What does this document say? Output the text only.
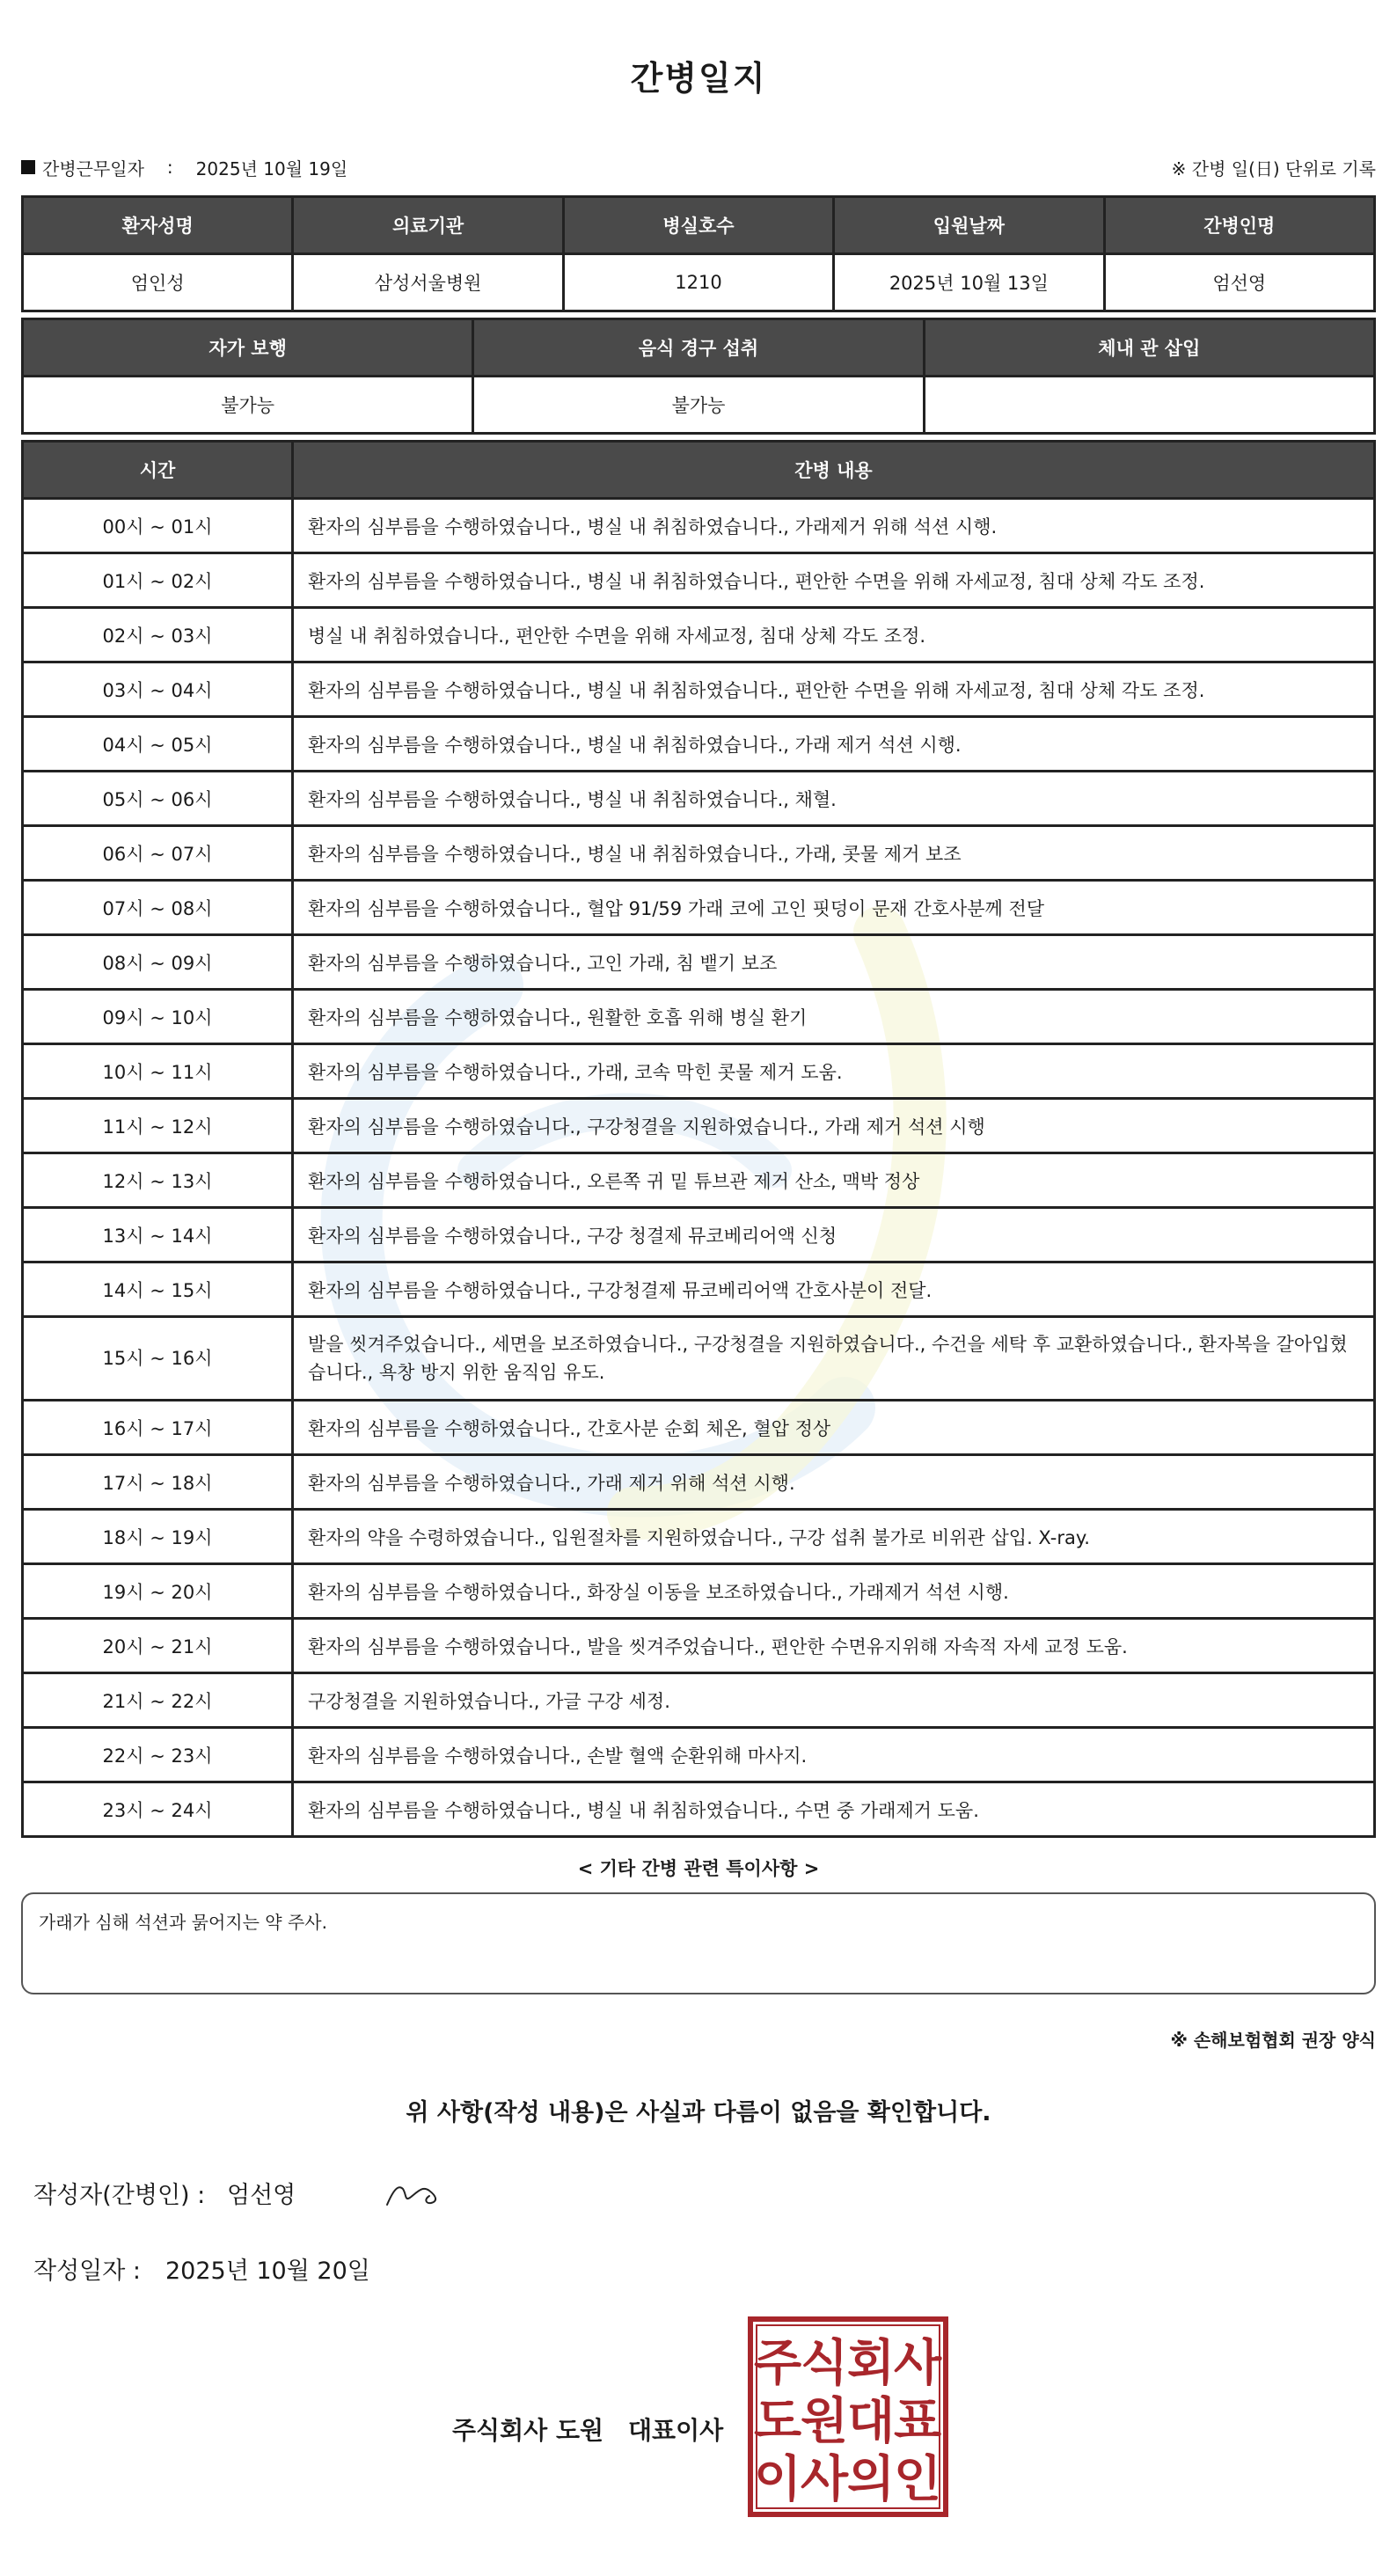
간병일지
간병근무일자 : 2025년 10월 19일	※ 간병 일(日) 단위로 기록
환자성명	의료기관	병실호수	입원날짜	간병인명
엄인성	삼성서울병원	1210	2025년 10월 13일	엄선영
자가 보행	음식 경구 섭취	체내 관 삽입
불가능	불가능	
시간	간병 내용
00시 ~ 01시	환자의 심부름을 수행하였습니다., 병실 내 취침하였습니다., 가래제거 위해 석션 시행.
01시 ~ 02시	환자의 심부름을 수행하였습니다., 병실 내 취침하였습니다., 편안한 수면을 위해 자세교정, 침대 상체 각도 조정.
02시 ~ 03시	병실 내 취침하였습니다., 편안한 수면을 위해 자세교정, 침대 상체 각도 조정.
03시 ~ 04시	환자의 심부름을 수행하였습니다., 병실 내 취침하였습니다., 편안한 수면을 위해 자세교정, 침대 상체 각도 조정.
04시 ~ 05시	환자의 심부름을 수행하였습니다., 병실 내 취침하였습니다., 가래 제거 석션 시행.
05시 ~ 06시	환자의 심부름을 수행하였습니다., 병실 내 취침하였습니다., 채혈.
06시 ~ 07시	환자의 심부름을 수행하였습니다., 병실 내 취침하였습니다., 가래, 콧물 제거 보조
07시 ~ 08시	환자의 심부름을 수행하였습니다., 혈압 91/59 가래 코에 고인 핏덩이 문재 간호사분께 전달
08시 ~ 09시	환자의 심부름을 수행하였습니다., 고인 가래, 침 뱉기 보조
09시 ~ 10시	환자의 심부름을 수행하였습니다., 원활한 호흡 위해 병실 환기
10시 ~ 11시	환자의 심부름을 수행하였습니다., 가래, 코속 막힌 콧물 제거 도움.
11시 ~ 12시	환자의 심부름을 수행하였습니다., 구강청결을 지원하였습니다., 가래 제거 석션 시행
12시 ~ 13시	환자의 심부름을 수행하였습니다., 오른쪽 귀 밑 튜브관 제거 산소, 맥박 정상
13시 ~ 14시	환자의 심부름을 수행하였습니다., 구강 청결제 뮤코베리어액 신청
14시 ~ 15시	환자의 심부름을 수행하였습니다., 구강청결제 뮤코베리어액 간호사분이 전달.
15시 ~ 16시	발을 씻겨주었습니다., 세면을 보조하였습니다., 구강청결을 지원하였습니다., 수건을 세탁 후 교환하였습니다., 환자복을 갈아입혔습니다., 욕창 방지 위한 움직임 유도.
16시 ~ 17시	환자의 심부름을 수행하였습니다., 간호사분 순회 체온, 혈압 정상
17시 ~ 18시	환자의 심부름을 수행하였습니다., 가래 제거 위해 석션 시행.
18시 ~ 19시	환자의 약을 수령하였습니다., 입원절차를 지원하였습니다., 구강 섭취 불가로 비위관 삽입. X-ray.
19시 ~ 20시	환자의 심부름을 수행하였습니다., 화장실 이동을 보조하였습니다., 가래제거 석션 시행.
20시 ~ 21시	환자의 심부름을 수행하였습니다., 발을 씻겨주었습니다., 편안한 수면유지위해 자속적 자세 교정 도움.
21시 ~ 22시	구강청결을 지원하였습니다., 가글 구강 세정.
22시 ~ 23시	환자의 심부름을 수행하였습니다., 손발 혈액 순환위해 마사지.
23시 ~ 24시	환자의 심부름을 수행하였습니다., 병실 내 취침하였습니다., 수면 중 가래제거 도움.
< 기타 간병 관련 특이사항 >
가래가 심해 석션과 묽어지는 약 주사.
※ 손해보험협회 권장 양식
위 사항(작성 내용)은 사실과 다름이 없음을 확인합니다.
작성자(간병인) : 엄선영
작성일자 :	2025년 10월 20일
주식회사 도원 대표이사
주
식
회
사
도
원
대
표
이
사
의
인
